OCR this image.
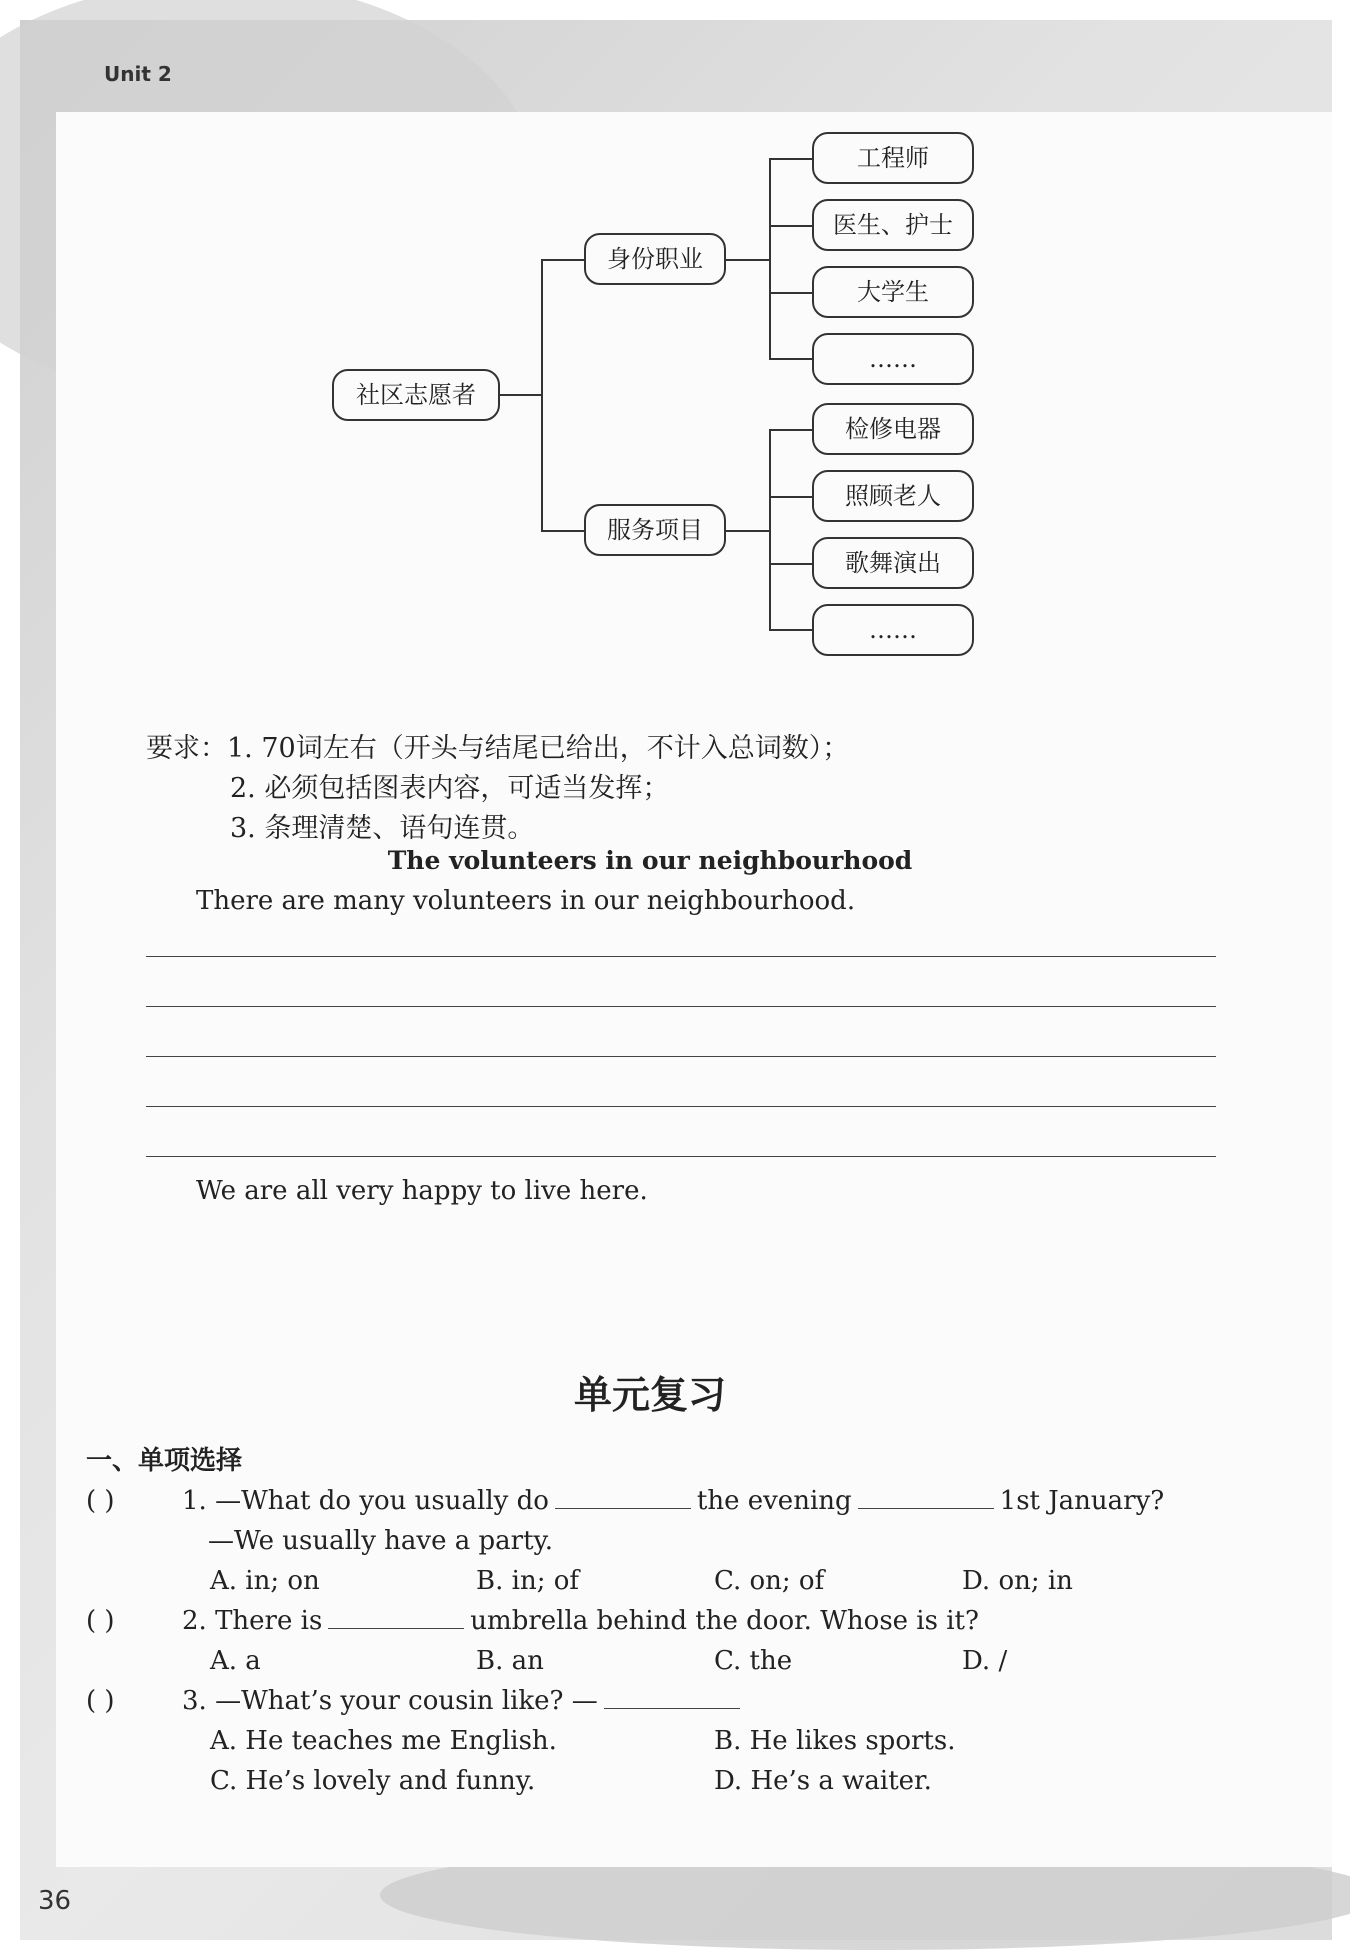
Unit 2
社区志愿者
身份职业
服务项目
工程师
医生、护士
大学生
……
检修电器
照顾老人
歌舞演出
……
要求：1. 70词左右（开头与结尾已给出，不计入总词数）；
2. 必须包括图表内容，可适当发挥；
3. 条理清楚、语句连贯。
The volunteers in our neighbourhood
There are many volunteers in our neighbourhood.
We are all very happy to live here.
单元复习
一、单项选择
( )	1. —What do you usually do	the evening	1st January?
—We usually have a party.
A. in; on	B. in; of	C. on; of	D. on; in
( )	2. There is	umbrella behind the door. Whose is it?
A. a	B. an	C. the	D. /
( )	3. —What’s your cousin like? —
A. He teaches me English.	B. He likes sports.
C. He’s lovely and funny.	D. He’s a waiter.
36
